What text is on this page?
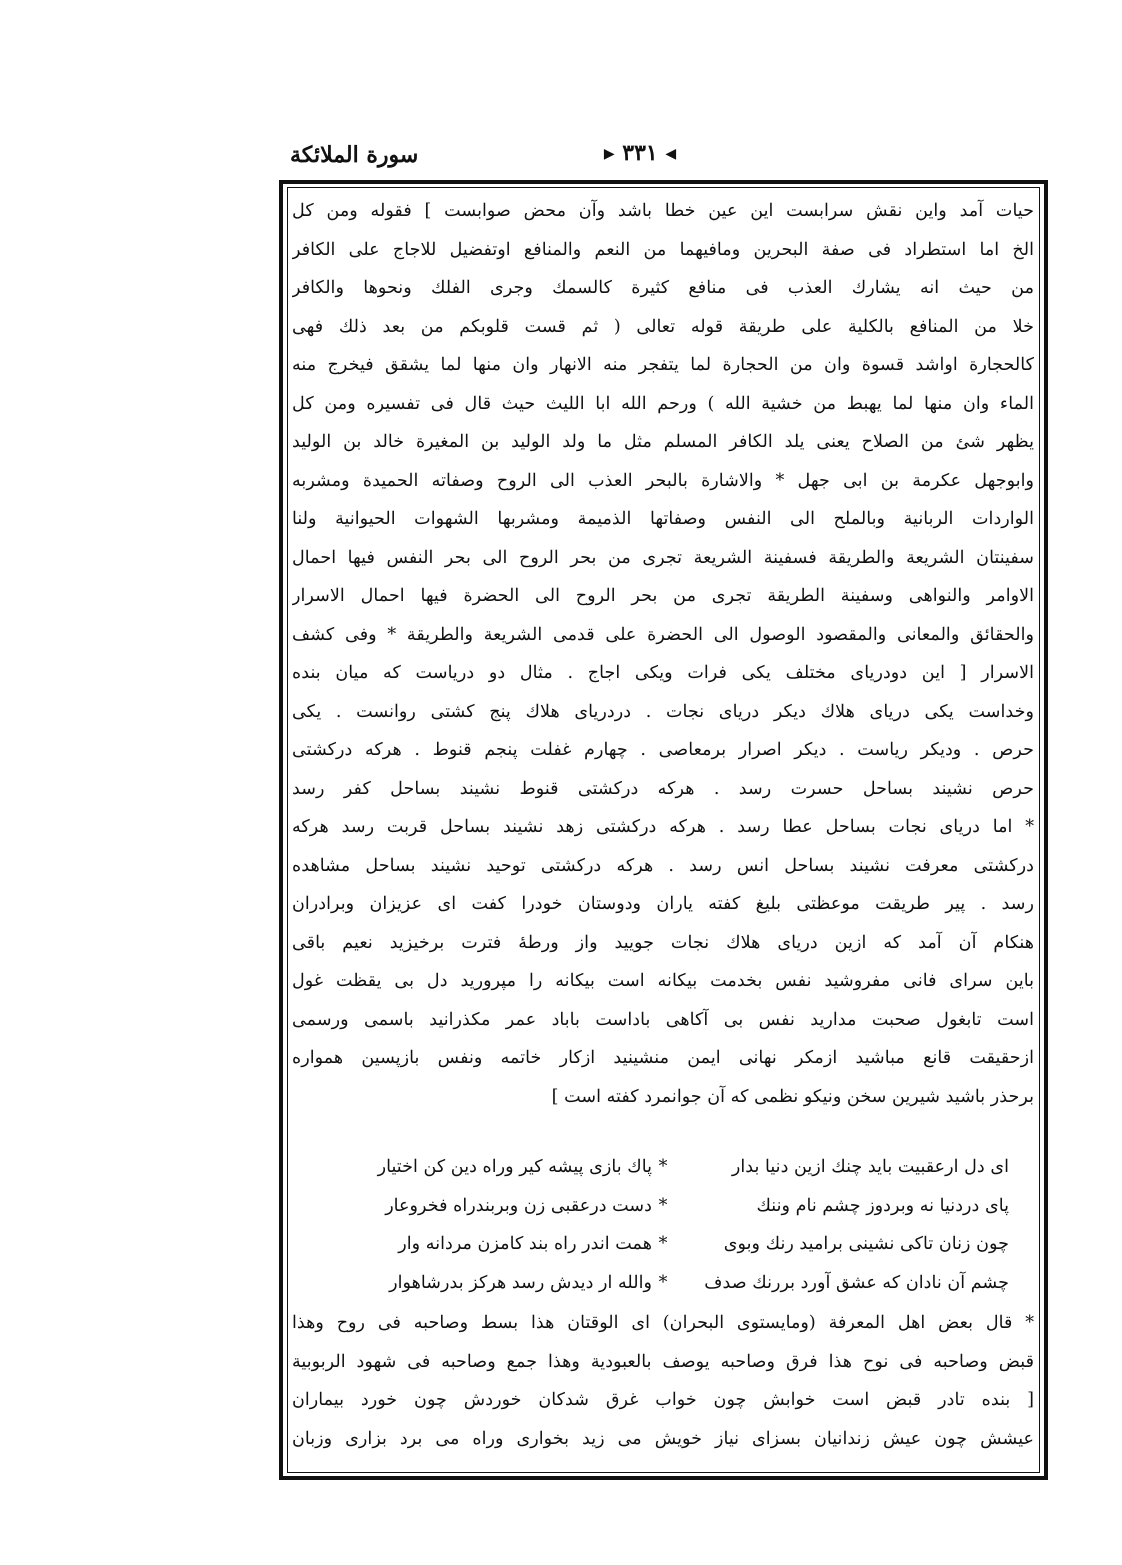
◀ ٣٣١ ▶
سورة الملائكة
حيات آمد واين نقش سرابست اين عين خطا باشد وآن محض صوابست ] فقوله ومن كل
الخ اما استطراد فى صفة البحرين ومافيهما من النعم والمنافع اوتفضيل للاجاج على الكافر
من حيث انه يشارك العذب فى منافع كثيرة كالسمك وجرى الفلك ونحوها والكافر
خلا من المنافع بالكلية على طريقة قوله تعالى ( ثم قست قلوبكم من بعد ذلك فهى
كالحجارة اواشد قسوة وان من الحجارة لما يتفجر منه الانهار وان منها لما يشقق فيخرج منه
الماء وان منها لما يهبط من خشية الله ) ورحم الله ابا الليث حيث قال فى تفسيره ومن كل
يظهر شئ من الصلاح يعنى يلد الكافر المسلم مثل ما ولد الوليد بن المغيرة خالد بن الوليد
وابوجهل عكرمة بن ابى جهل * والاشارة بالبحر العذب الى الروح وصفاته الحميدة ومشربه
الواردات الربانية وبالملح الى النفس وصفاتها الذميمة ومشربها الشهوات الحيوانية ولنا
سفينتان الشريعة والطريقة فسفينة الشريعة تجرى من بحر الروح الى بحر النفس فيها احمال
الاوامر والنواهى وسفينة الطريقة تجرى من بحر الروح الى الحضرة فيها احمال الاسرار
والحقائق والمعانى والمقصود الوصول الى الحضرة على قدمى الشريعة والطريقة * وفى كشف
الاسرار [ اين دودرياى مختلف يكى فرات ويكى اجاج . مثال دو درياست كه ميان بنده
وخداست يكى درياى هلاك ديكر درياى نجات . دردرياى هلاك پنج كشتى روانست . يكى
حرص . وديكر رياست . ديكر اصرار برمعاصى . چهارم غفلت پنجم قنوط . هركه دركشتى
حرص نشيند بساحل حسرت رسد . هركه دركشتى قنوط نشيند بساحل كفر رسد
* اما درياى نجات بساحل عطا رسد . هركه دركشتى زهد نشيند بساحل قربت رسد هركه
دركشتى معرفت نشيند بساحل انس رسد . هركه دركشتى توحيد نشيند بساحل مشاهده
رسد . پير طريقت موعظتى بليغ كفته ياران ودوستان خودرا كفت اى عزيزان وبرادران
هنكام آن آمد كه ازين درياى هلاك نجات جوييد واز ورطهٔ فترت برخيزيد نعيم باقى
باين سراى فانى مفروشيد نفس بخدمت بيكانه است بيكانه را مپروريد دل بى يقظت غول
است تابغول صحبت مداريد نفس بى آكاهى باداست باباد عمر مكذرانيد باسمى ورسمى
ازحقيقت قانع مباشيد ازمكر نهانى ايمن منشينيد ازكار خاتمه ونفس بازپسين همواره
برحذر باشيد شيرين سخن ونيكو نظمى كه آن جوانمرد كفته است ]
اى دل ارعقبيت بايد چنك ازين دنيا بدار
*
پاك بازى پيشه كير وراه دين كن اختيار
پاى دردنيا نه وبردوز چشم نام وننك
*
دست درعقبى زن وبربندراه فخروعار
چون زنان تاكى نشينى برامید رنك وبوى
*
همت اندر راه بند كامزن مردانه وار
چشم آن نادان كه عشق آورد بررنك صدف
*
والله ار ديدش رسد هركز بدرشاهوار
* قال بعض اهل المعرفة (ومايستوى البحران) اى الوقتان هذا بسط وصاحبه فى روح وهذا
قبض وصاحبه فى نوح هذا فرق وصاحبه يوصف بالعبودية وهذا جمع وصاحبه فى شهود الربوبية
[ بنده تادر قبض است خوابش چون خواب غرق شدكان خوردش چون خورد بيماران
عيشش چون عيش زندانيان بسزاى نياز خويش مى زيد بخوارى وراه مى برد بزارى وزبان
